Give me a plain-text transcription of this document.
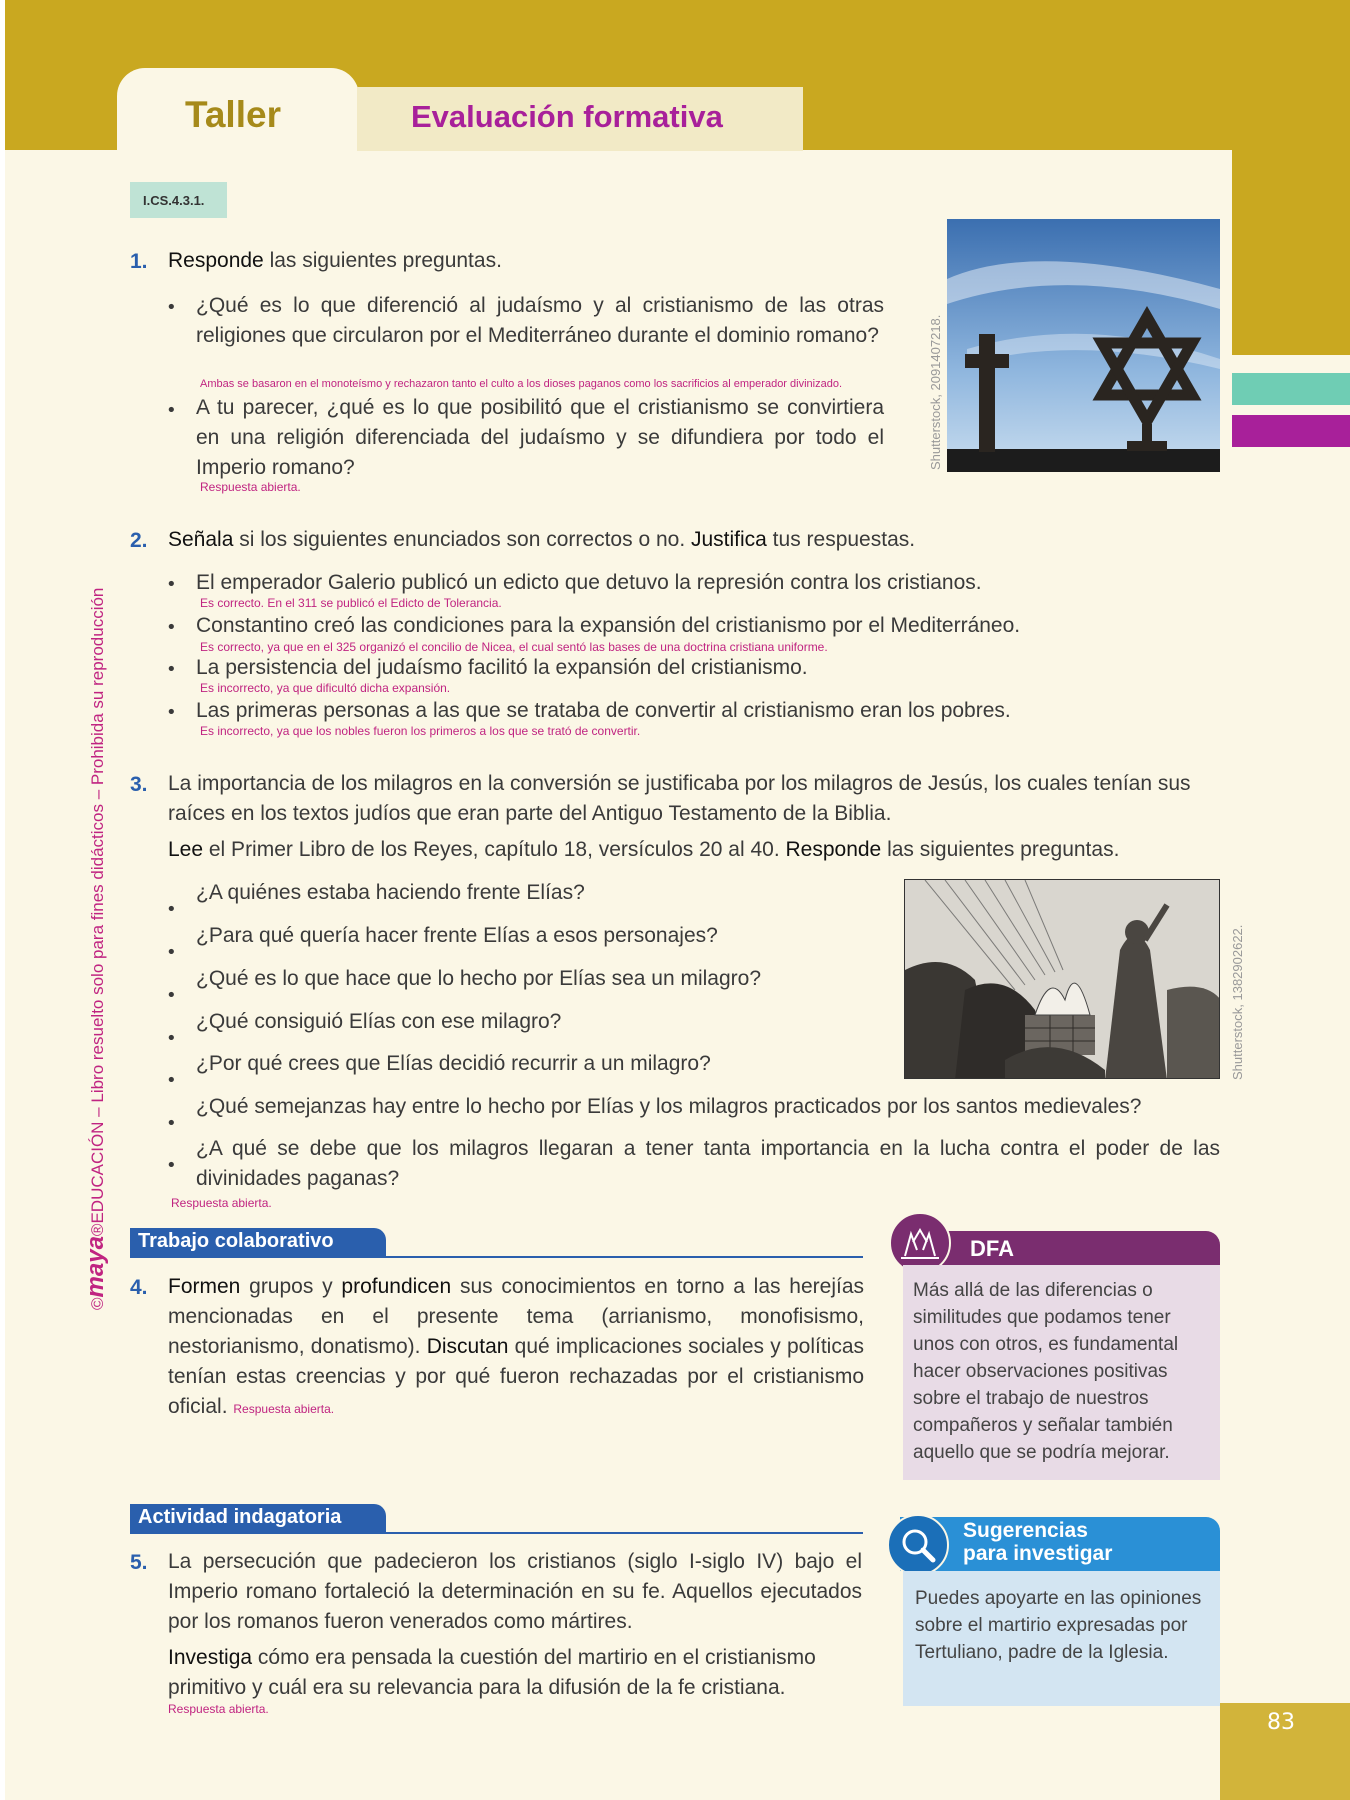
Taller	Evaluación formativa
I.CS.4.3.1.
©maya®EDUCACIÓN – Libro resuelto solo para fines didácticos – Prohibida su reproducción
1. Responde las siguientes preguntas.
• ¿Qué es lo que diferenció al judaísmo y al cristianismo de las otras religiones que circularon por el Mediterráneo durante el dominio romano?
Ambas se basaron en el monoteísmo y rechazaron tanto el culto a los dioses paganos como los sacrificios al emperador divinizado.
• A tu parecer, ¿qué es lo que posibilitó que el cristianismo se convirtiera en una religión diferenciada del judaísmo y se difundiera por todo el Imperio romano?
Respuesta abierta.
Shutterstock, 2091407218.
2. Señala si los siguientes enunciados son correctos o no. Justifica tus respuestas.
• El emperador Galerio publicó un edicto que detuvo la represión contra los cristianos.
Es correcto. En el 311 se publicó el Edicto de Tolerancia.
• Constantino creó las condiciones para la expansión del cristianismo por el Mediterráneo.
Es correcto, ya que en el 325 organizó el concilio de Nicea, el cual sentó las bases de una doctrina cristiana uniforme.
• La persistencia del judaísmo facilitó la expansión del cristianismo.
Es incorrecto, ya que dificultó dicha expansión.
• Las primeras personas a las que se trataba de convertir al cristianismo eran los pobres.
Es incorrecto, ya que los nobles fueron los primeros a los que se trató de convertir.
3. La importancia de los milagros en la conversión se justificaba por los milagros de Jesús, los cuales tenían sus raíces en los textos judíos que eran parte del Antiguo Testamento de la Biblia.
Lee el Primer Libro de los Reyes, capítulo 18, versículos 20 al 40. Responde las siguientes preguntas.
•
¿A quiénes estaba haciendo frente Elías?
•
¿Para qué quería hacer frente Elías a esos personajes?
•
¿Qué es lo que hace que lo hecho por Elías sea un milagro?
•
¿Qué consiguió Elías con ese milagro?
•
¿Por qué crees que Elías decidió recurrir a un milagro?
•
¿Qué semejanzas hay entre lo hecho por Elías y los milagros practicados por los santos medievales?
•
¿A qué se debe que los milagros llegaran a tener tanta importancia en la lucha contra el poder de las divinidades paganas?
Respuesta abierta.
Shutterstock, 1382902622.
Trabajo colaborativo
4. Formen grupos y profundicen sus conocimientos en torno a las herejías mencionadas en el presente tema (arrianismo, monofisismo, nestorianismo, donatismo). Discutan qué implicaciones sociales y políticas tenían estas creencias y por qué fueron rechazadas por el cristianismo oficial. Respuesta abierta.
DFA
Más allá de las diferencias o similitudes que podamos tener unos con otros, es fundamental hacer observaciones positivas sobre el trabajo de nuestros compañeros y señalar también aquello que se podría mejorar.
Actividad indagatoria
5. La persecución que padecieron los cristianos (siglo I-siglo IV) bajo el Imperio romano fortaleció la determinación en su fe. Aquellos ejecutados por los romanos fueron venerados como mártires.
Investiga cómo era pensada la cuestión del martirio en el cristianismo primitivo y cuál era su relevancia para la difusión de la fe cristiana.
Respuesta abierta.
Sugerencias
para investigar
Puedes apoyarte en las opiniones sobre el martirio expresadas por Tertuliano, padre de la Iglesia.
83
